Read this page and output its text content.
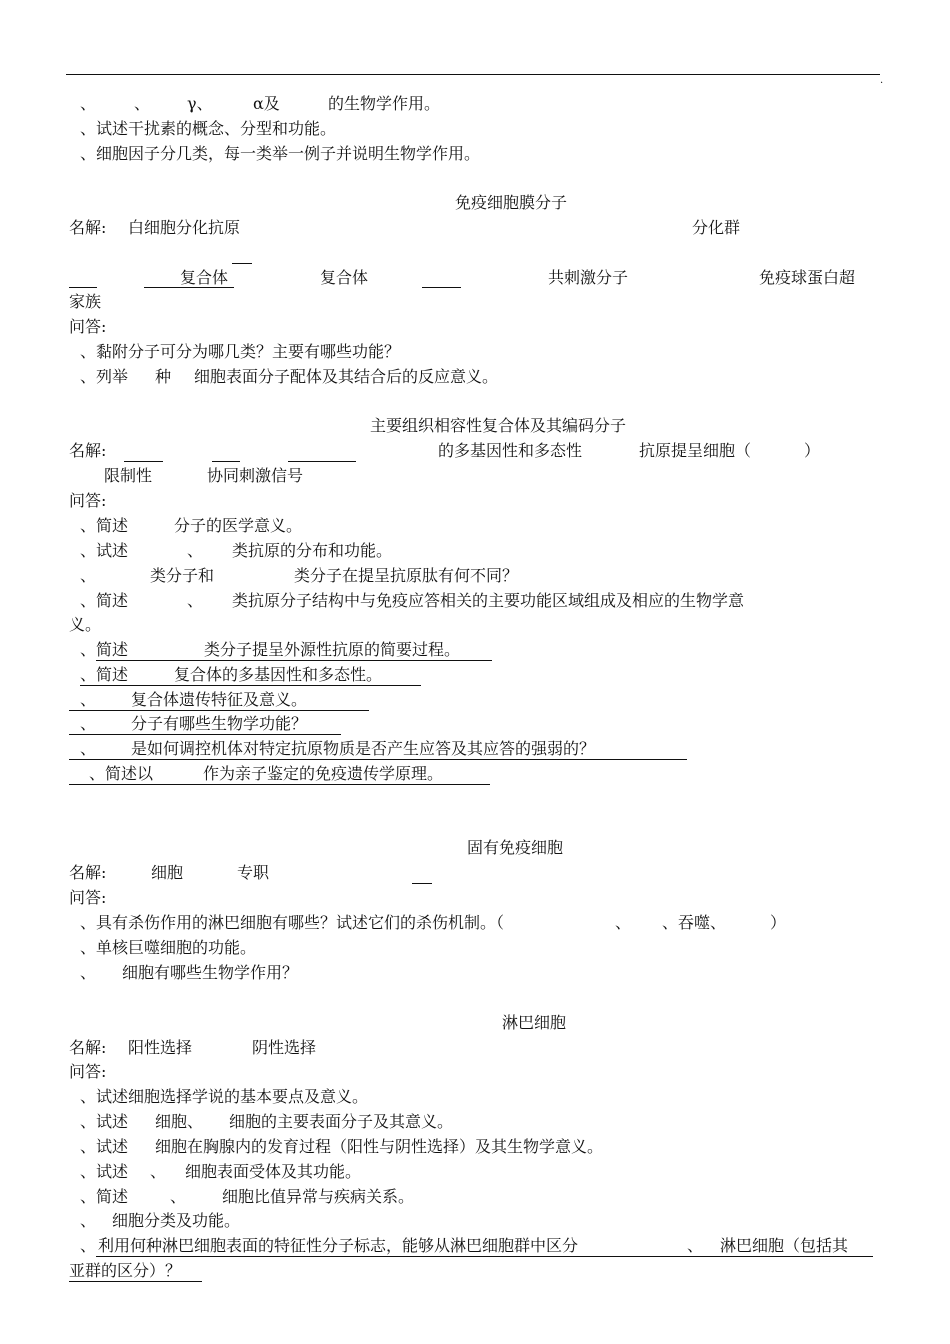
.
、 、 γ、	α及	的生物学作用。
、试述干扰素的概念、分型和功能。
、细胞因子分几类，每一类举一例子并说明生物学作用。
免疫细胞膜分子
名解: 白细胞分化抗原	分化群
复合体	复合体	共刺激分子	免疫球蛋白超
家族
问答:
、黏附分子可分为哪几类？主要有哪些功能？
、列举 种 细胞表面分子配体及其结合后的反应意义。
主要组织相容性复合体及其编码分子
名解:	的多基因性和多态性	抗原提呈细胞（	）
限制性	协同刺激信号
问答:
、简述	分子的医学意义。
、试述	、 类抗原的分布和功能。
、	类分子和	类分子在提呈抗原肽有何不同？
、简述	、 类抗原分子结构中与免疫应答相关的主要功能区域组成及相应的生物学意
义。
、简述	类分子提呈外源性抗原的简要过程。
、简述	复合体的多基因性和多态性。
、 复合体遗传特征及意义。
、 分子有哪些生物学功能？
、 是如何调控机体对特定抗原物质是否产生应答及其应答的强弱的？
、简述以	作为亲子鉴定的免疫遗传学原理。
固有免疫细胞
名解:	细胞	专职
问答:
、具有杀伤作用的淋巴细胞有哪些？试述它们的杀伤机制。（	、 、吞噬、	）
、单核巨噬细胞的功能。
、 细胞有哪些生物学作用？
淋巴细胞
名解: 阳性选择	阴性选择
问答:
、试述细胞选择学说的基本要点及意义。
、试述 细胞、 细胞的主要表面分子及其意义。
、试述 细胞在胸腺内的发育过程（阳性与阴性选择）及其生物学意义。
、试述 、 细胞表面受体及其功能。
、简述	、 细胞比值异常与疾病关系。
、 细胞分类及功能。
、 利用何种淋巴细胞表面的特征性分子标志，能够从淋巴细胞群中区分	、 淋巴细胞（包括其
亚群的区分）？
